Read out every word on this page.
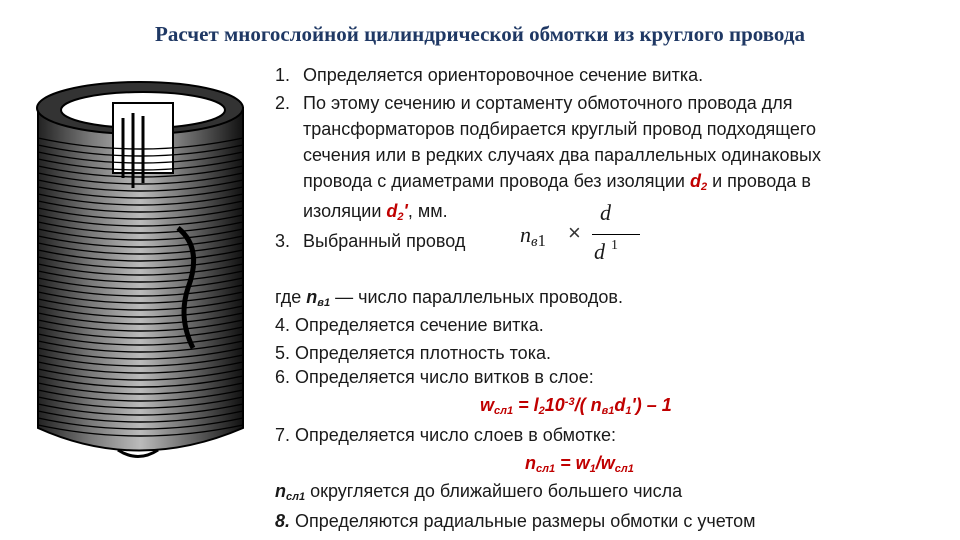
Расчет многослойной цилиндрической обмотки из круглого провода
1. Определяется ориенторовочное сечение витка.
2. По этому сечению и сортаменту обмоточного провода для
трансформаторов подбирается круглый провод подходящего
сечения или в редких случаях два параллельных одинаковых
провода с диаметрами провода без изоляции $d_2$ и провода в
изоляции $d_2'$, мм.
3. Выбранный провод nв1 ×
d
d $^1$
где $n_{в1}$ — число параллельных проводов.
4. Определяется сечение витка.
5. Определяется плотность тока.
6. Определяется число витков в слое:
$w_{сл1} = l_210^{-3}/$( $n_{в1}d_1') - 1$
7. Определяется число слоев в обмотке:
$n_{сл1} = w_1/w_{сл1}$
$n_{сл1}$ округляется до ближайшего большего числа
8. Определяются радиальные размеры обмотки с учетом
